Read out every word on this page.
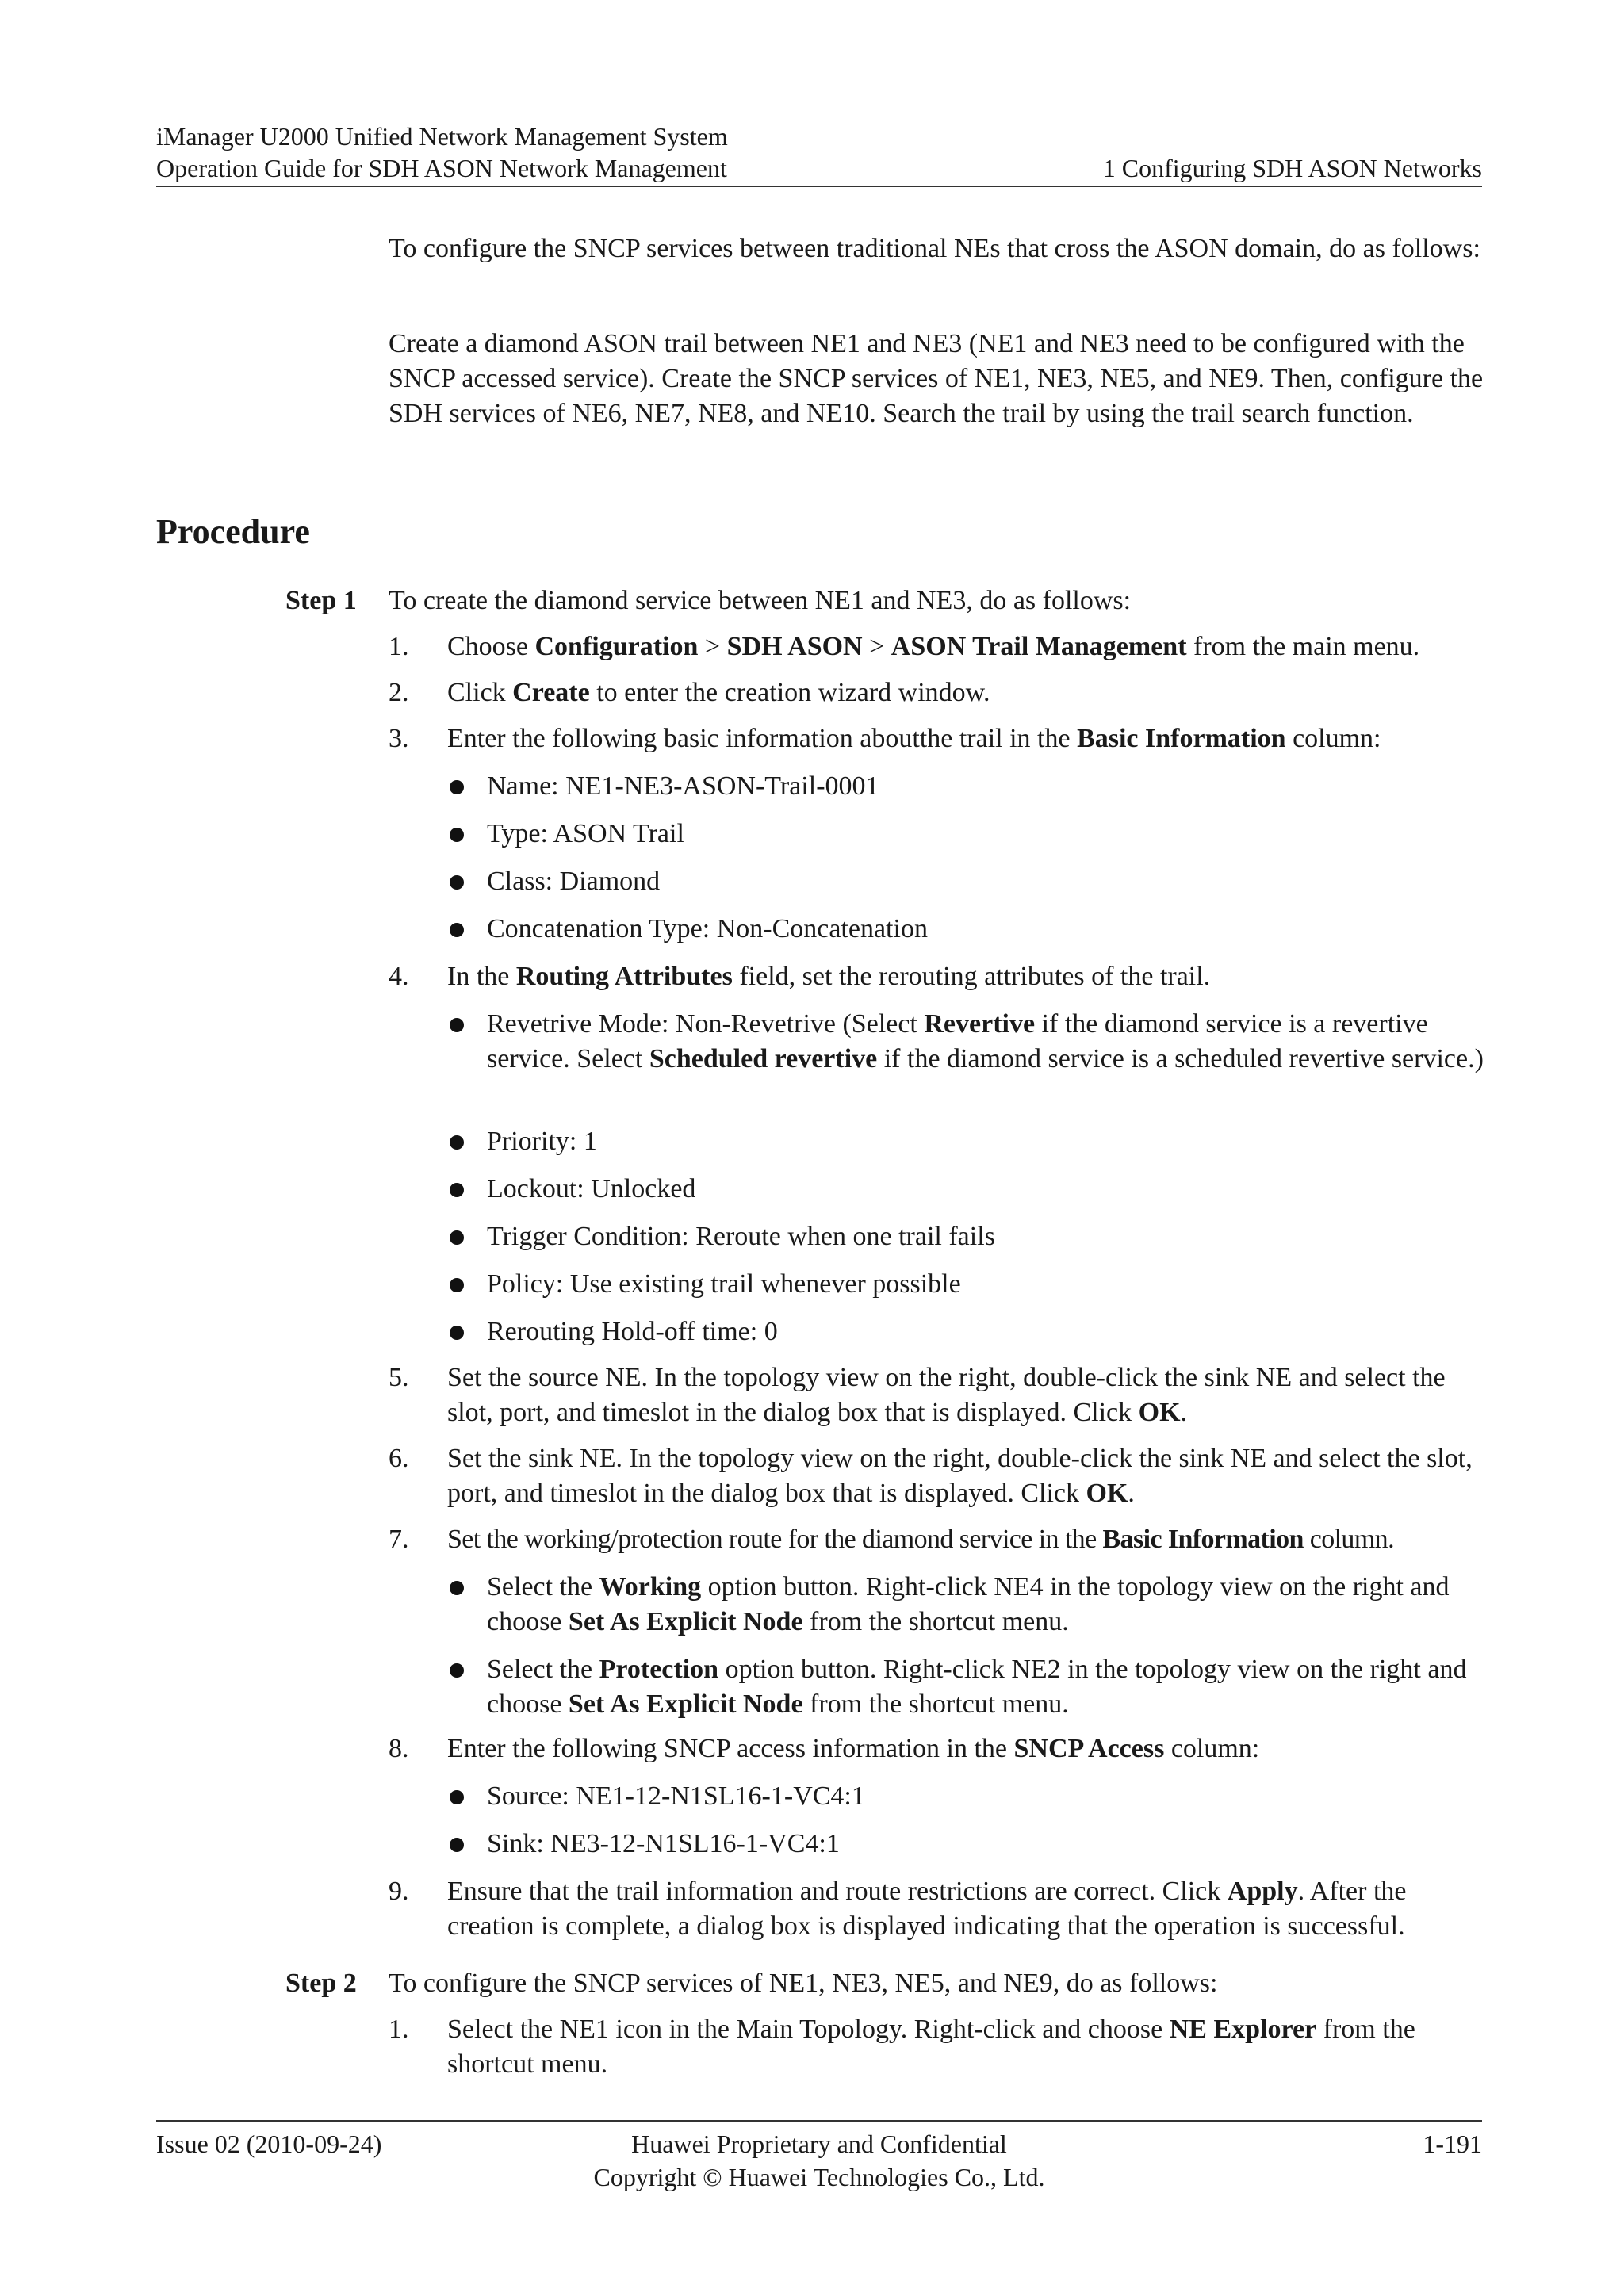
iManager U2000 Unified Network Management System
Operation Guide for SDH ASON Network Management	1 Configuring SDH ASON Networks
To configure the SNCP services between traditional NEs that cross the ASON domain, do as follows:
Create a diamond ASON trail between NE1 and NE3 (NE1 and NE3 need to be configured with the SNCP accessed service). Create the SNCP services of NE1, NE3, NE5, and NE9. Then, configure the SDH services of NE6, NE7, NE8, and NE10. Search the trail by using the trail search function.
Procedure
Step 1 To create the diamond service between NE1 and NE3, do as follows:
1. Choose Configuration > SDH ASON > ASON Trail Management from the main menu.
2. Click Create to enter the creation wizard window.
3. Enter the following basic information aboutthe trail in the Basic Information column:
Name: NE1-NE3-ASON-Trail-0001
Type: ASON Trail
Class: Diamond
Concatenation Type: Non-Concatenation
4. In the Routing Attributes field, set the rerouting attributes of the trail.
Revetrive Mode: Non-Revetrive (Select Revertive if the diamond service is a revertive service. Select Scheduled revertive if the diamond service is a scheduled revertive service.)
Priority: 1
Lockout: Unlocked
Trigger Condition: Reroute when one trail fails
Policy: Use existing trail whenever possible
Rerouting Hold-off time: 0
5. Set the source NE. In the topology view on the right, double-click the sink NE and select the slot, port, and timeslot in the dialog box that is displayed. Click OK.
6. Set the sink NE. In the topology view on the right, double-click the sink NE and select the slot, port, and timeslot in the dialog box that is displayed. Click OK.
7. Set the working/protection route for the diamond service in the Basic Information column.
Select the Working option button. Right-click NE4 in the topology view on the right and choose Set As Explicit Node from the shortcut menu.
Select the Protection option button. Right-click NE2 in the topology view on the right and choose Set As Explicit Node from the shortcut menu.
8. Enter the following SNCP access information in the SNCP Access column:
Source: NE1-12-N1SL16-1-VC4:1
Sink: NE3-12-N1SL16-1-VC4:1
9. Ensure that the trail information and route restrictions are correct. Click Apply. After the creation is complete, a dialog box is displayed indicating that the operation is successful.
Step 2 To configure the SNCP services of NE1, NE3, NE5, and NE9, do as follows:
1. Select the NE1 icon in the Main Topology. Right-click and choose NE Explorer from the shortcut menu.
Issue 02 (2010-09-24)	Huawei Proprietary and Confidential
Copyright © Huawei Technologies Co., Ltd.
1-191
